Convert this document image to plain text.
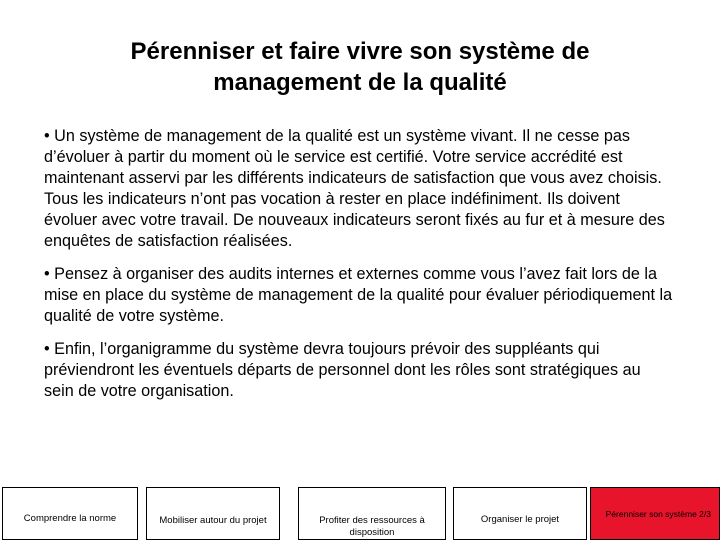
Pérenniser et faire vivre son système de
management de la qualité

• Un système de management de la qualité est un système vivant. Il ne cesse pas d’évoluer à partir du moment où le service est certifié. Votre service accrédité est maintenant asservi par les différents indicateurs de satisfaction que vous avez choisis. Tous les indicateurs n’ont pas vocation à rester en place indéfiniment. Ils doivent évoluer avec votre travail. De nouveaux indicateurs seront fixés au fur et à mesure des enquêtes de satisfaction réalisées.

• Pensez à organiser des audits internes et externes comme vous l’avez fait lors de la mise en place du système de management de la qualité pour évaluer périodiquement la qualité de votre système.

• Enfin, l’organigramme du système devra toujours prévoir des suppléants qui préviendront les éventuels départs de personnel dont les rôles sont stratégiques au sein de votre organisation.

Comprendre la norme	Mobiliser autour du projet	Profiter des ressources à disposition
Organiser le projet	Pérenniser son système 2/3
